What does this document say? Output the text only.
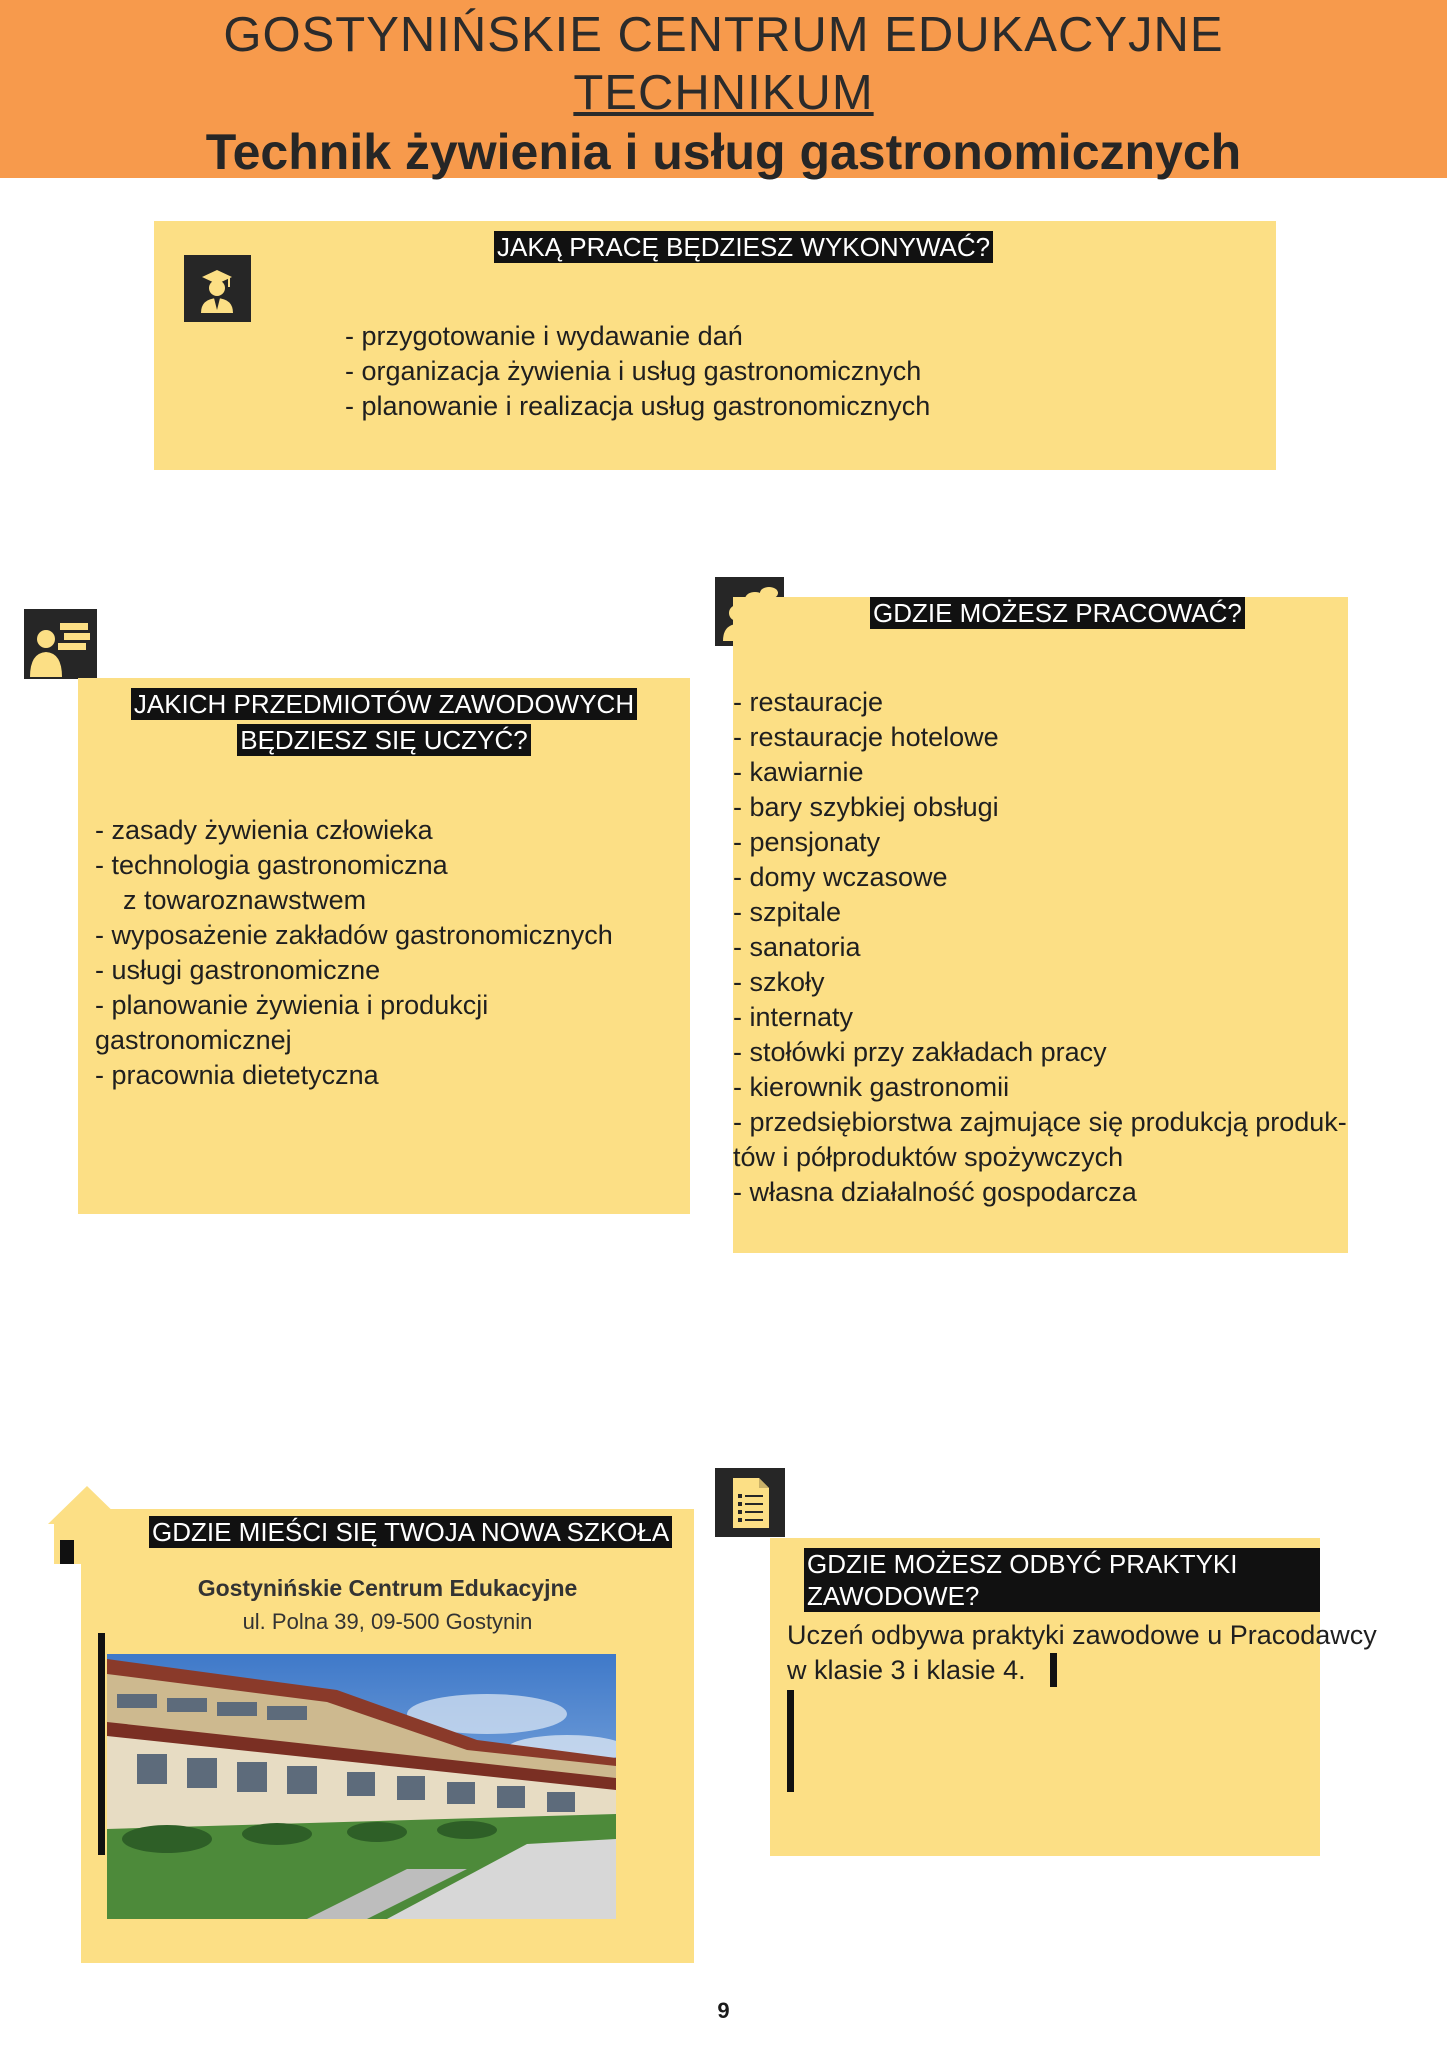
GOSTYNIŃSKIE CENTRUM EDUKACYJNE
TECHNIKUM
Technik żywienia i usług gastronomicznych
JAKĄ PRACĘ BĘDZIESZ WYKONYWAĆ?
- przygotowanie i wydawanie dań
- organizacja żywienia i usług gastronomicznych
- planowanie i realizacja usług gastronomicznych
JAKICH PRZEDMIOTÓW ZAWODOWYCH
BĘDZIESZ SIĘ UCZYĆ?
- zasady żywienia człowieka
- technologia gastronomiczna
z towaroznawstwem
- wyposażenie zakładów gastronomicznych
- usługi gastronomiczne
- planowanie żywienia i produkcji
gastronomicznej
- pracownia dietetyczna
GDZIE MOŻESZ PRACOWAĆ?
- restauracje
- restauracje hotelowe
- kawiarnie
- bary szybkiej obsługi
- pensjonaty
- domy wczasowe
- szpitale
- sanatoria
- szkoły
- internaty
- stołówki przy zakładach pracy
- kierownik gastronomii
- przedsiębiorstwa zajmujące się produkcją produk-
tów i półproduktów spożywczych
- własna działalność gospodarcza
GDZIE MIEŚCI SIĘ TWOJA NOWA SZKOŁA
Gostynińskie Centrum Edukacyjne
ul. Polna 39, 09-500 Gostynin
GDZIE MOŻESZ ODBYĆ PRAKTYKI ZAWODOWE?
Uczeń odbywa praktyki zawodowe u Pracodawcy
w klasie 3 i klasie 4.
9
